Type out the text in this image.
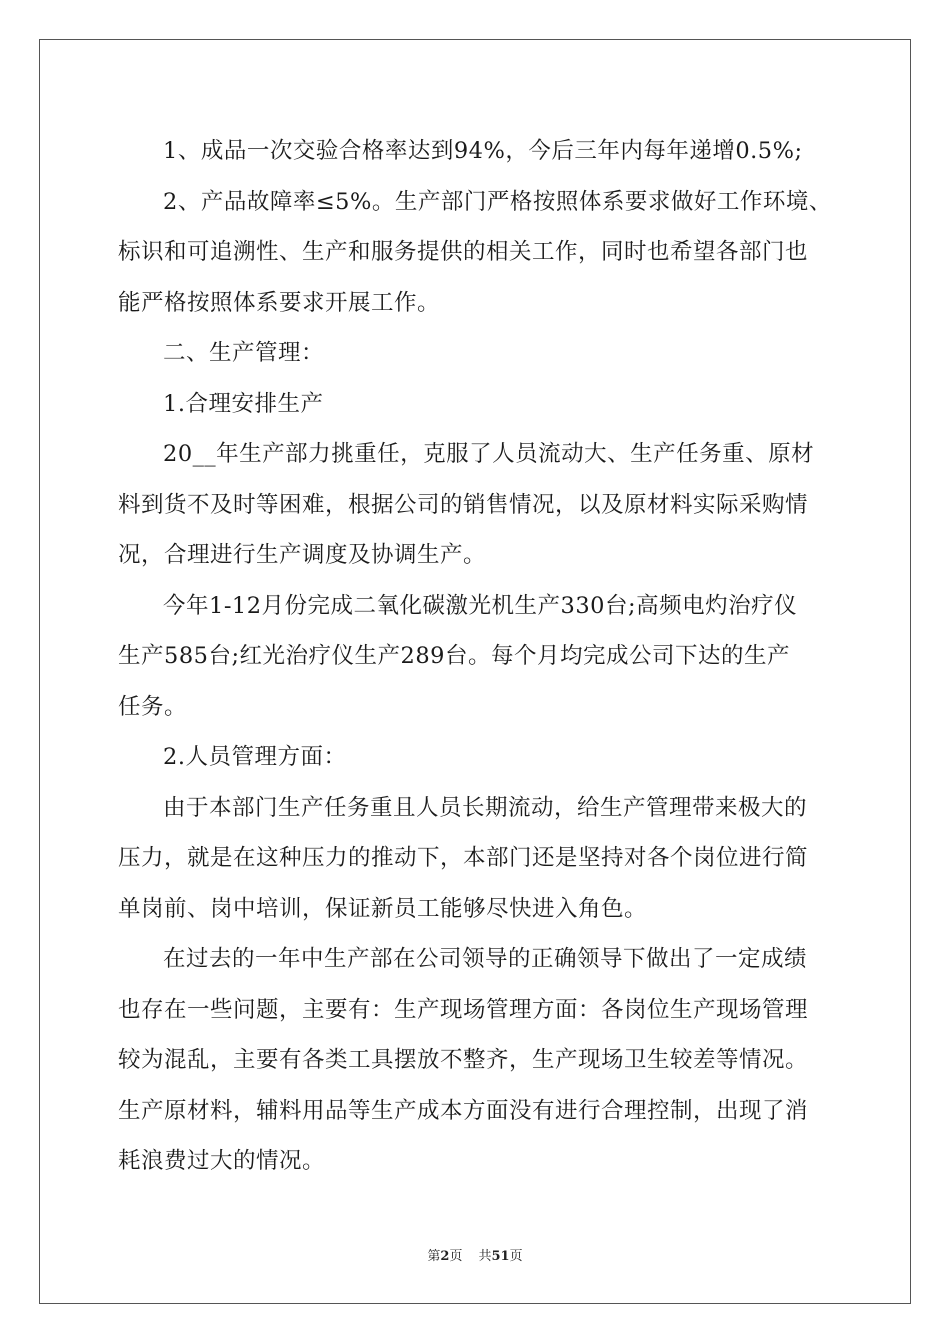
1、成品一次交验合格率达到94%，今后三年内每年递增0.5%;

2、产品故障率≤5%。生产部门严格按照体系要求做好工作环境、
标识和可追溯性、生产和服务提供的相关工作，同时也希望各部门也
能严格按照体系要求开展工作。

二、生产管理：

1.合理安排生产

20__年生产部力挑重任，克服了人员流动大、生产任务重、原材
料到货不及时等困难，根据公司的销售情况，以及原材料实际采购情
况，合理进行生产调度及协调生产。

今年1-12月份完成二氧化碳激光机生产330台;高频电灼治疗仪
生产585台;红光治疗仪生产289台。每个月均完成公司下达的生产
任务。

2.人员管理方面：

由于本部门生产任务重且人员长期流动，给生产管理带来极大的
压力，就是在这种压力的推动下，本部门还是坚持对各个岗位进行简
单岗前、岗中培训，保证新员工能够尽快进入角色。

在过去的一年中生产部在公司领导的正确领导下做出了一定成绩
也存在一些问题，主要有：生产现场管理方面：各岗位生产现场管理
较为混乱，主要有各类工具摆放不整齐，生产现场卫生较差等情况。
生产原材料，辅料用品等生产成本方面没有进行合理控制，出现了消
耗浪费过大的情况。

第2页 共51页
